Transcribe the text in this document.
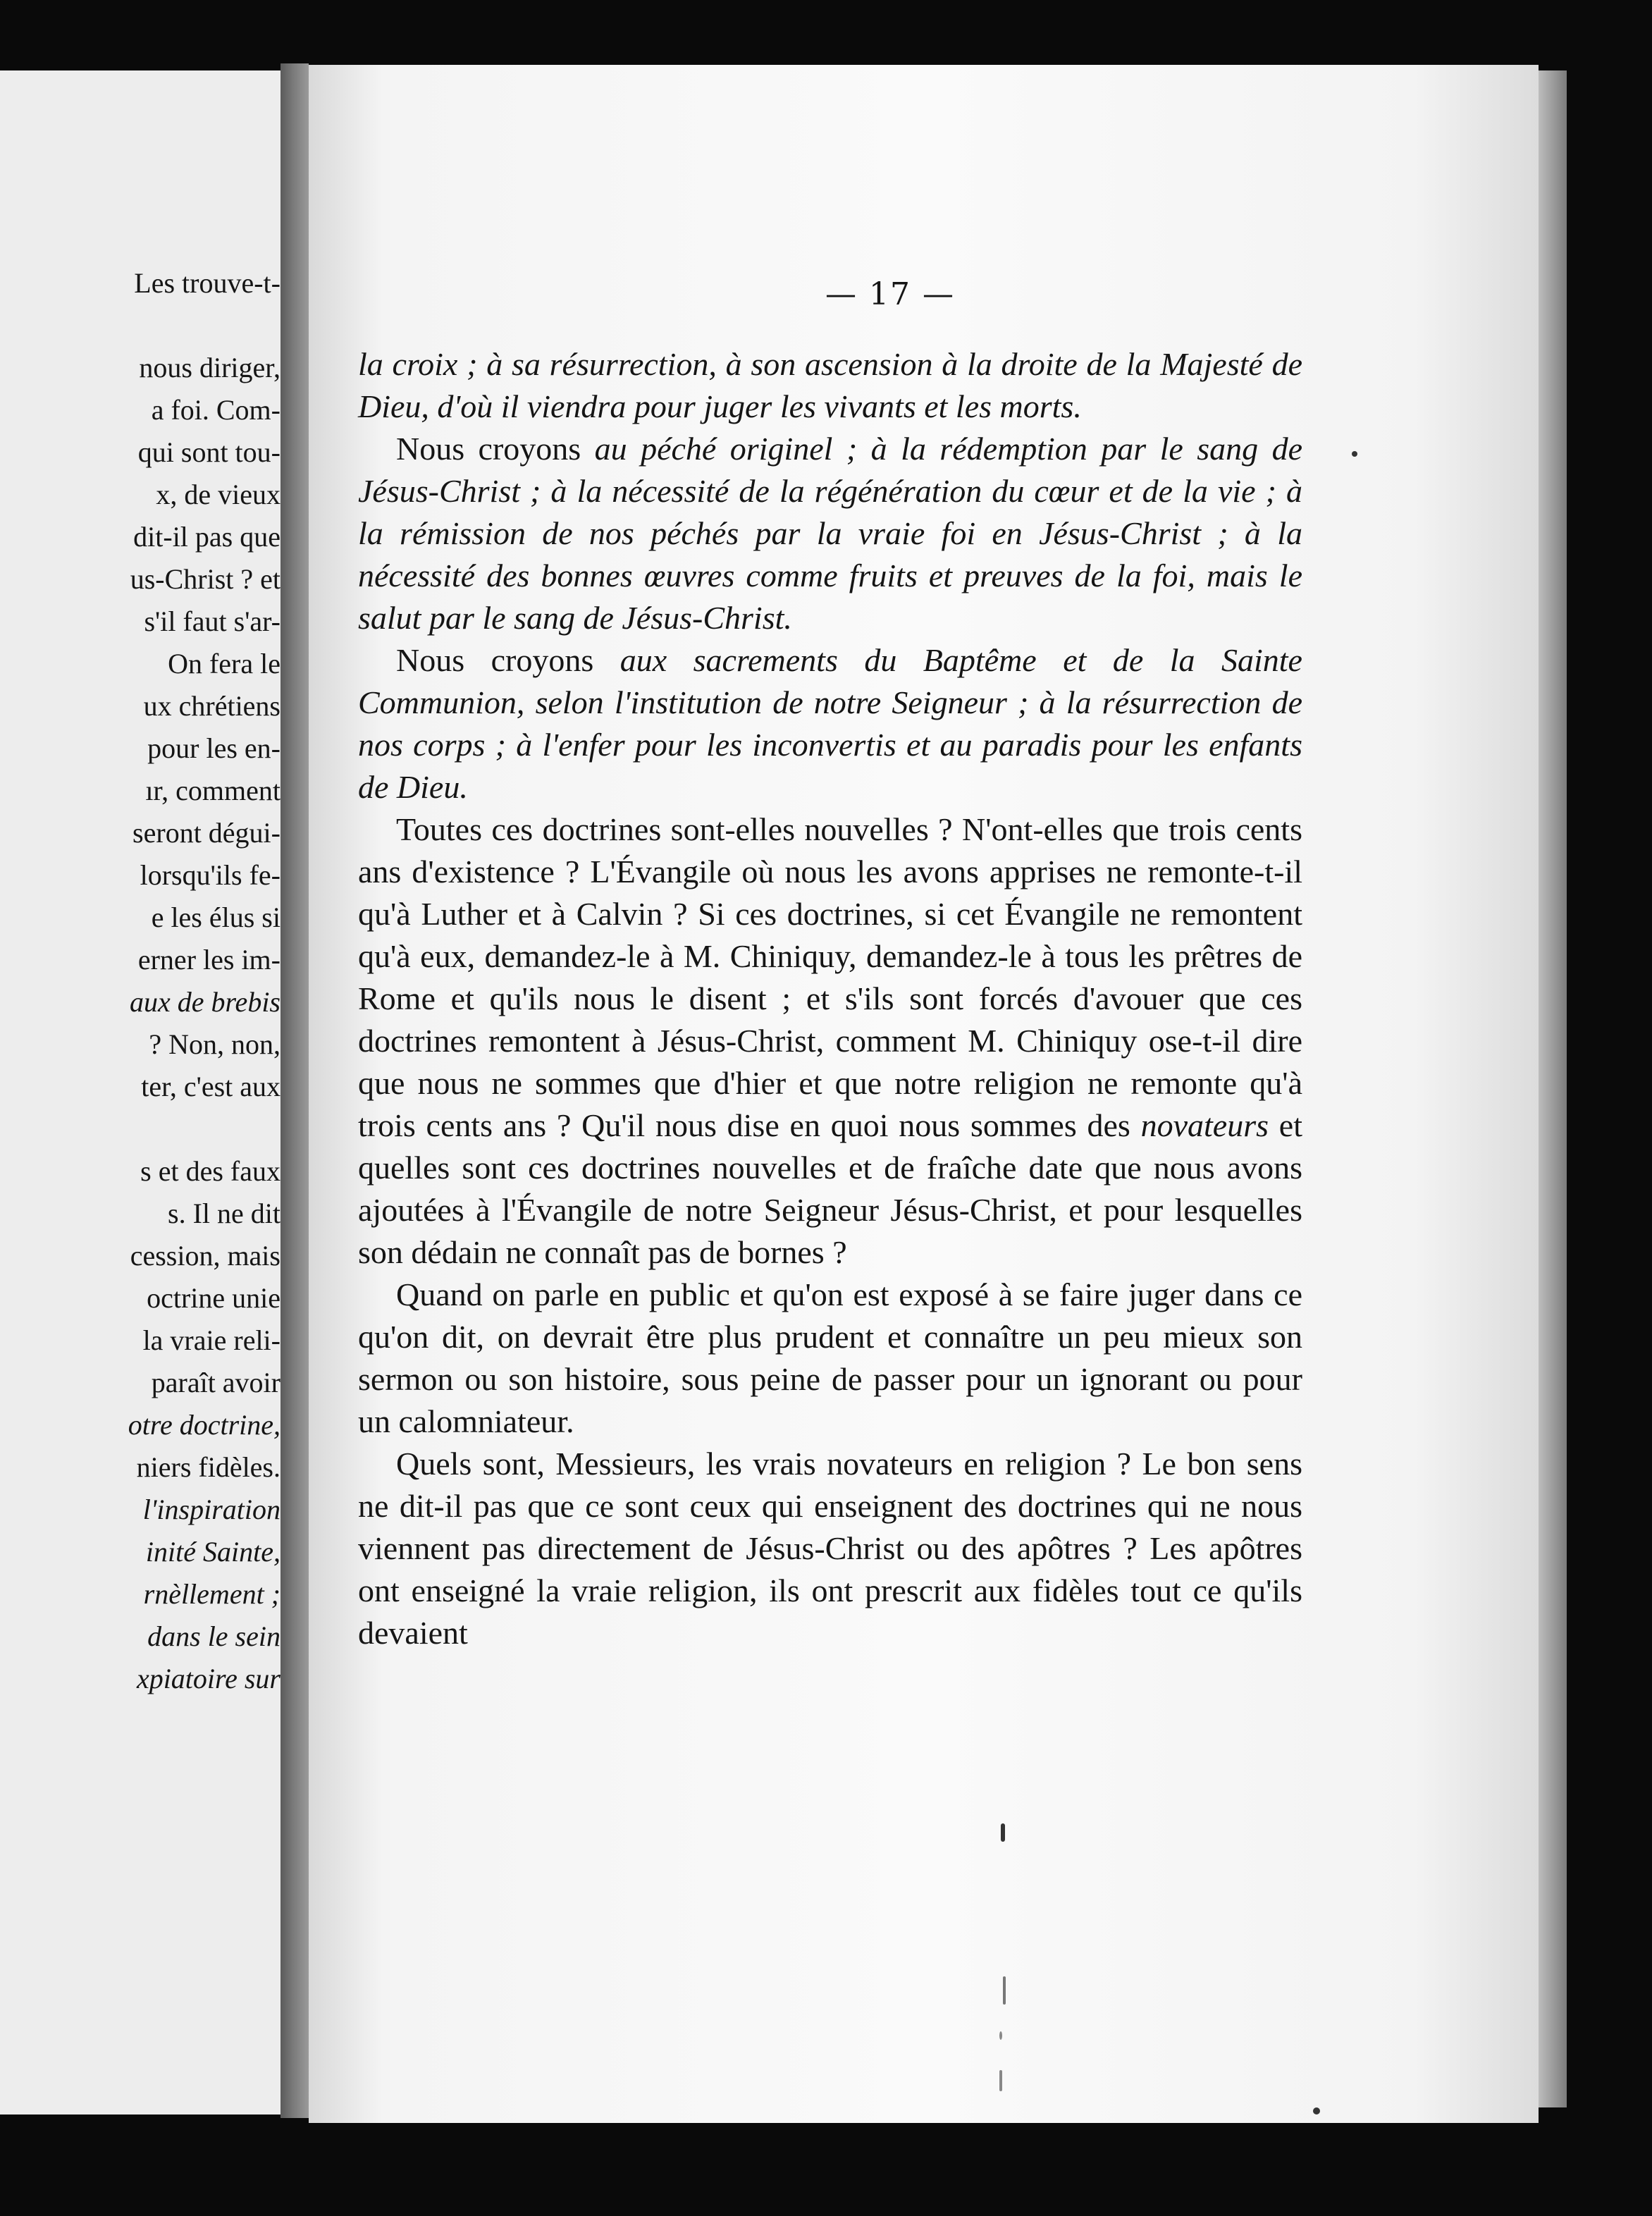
Les trouve-t-
nous diriger,
a foi. Com-
qui sont tou-
x, de vieux
dit-il pas que
us-Christ ? et
s'il faut s'ar-
On fera le
ux chrétiens
pour les en-
ır, comment
seront dégui-
lorsqu'ils fe-
e les élus si
erner les im-
aux de brebis
? Non, non,
ter, c'est aux
s et des faux
s. Il ne dit
cession, mais
octrine unie
la vraie reli-
paraît avoir
otre doctrine,
niers fidèles.
l'inspiration
inité Sainte,
rnèllement ;
dans le sein
xpiatoire sur
— 17 —

la croix ; à sa résurrection, à son ascension à la droite de la Majesté de Dieu, d'où il viendra pour juger les vivants et les morts.

Nous croyons au péché originel ; à la rédemption par le sang de Jésus-Christ ; à la nécessité de la régénération du cœur et de la vie ; à la rémission de nos péchés par la vraie foi en Jésus-Christ ; à la nécessité des bonnes œuvres comme fruits et preuves de la foi, mais le salut par le sang de Jésus-Christ.

Nous croyons aux sacrements du Baptême et de la Sainte Communion, selon l'institution de notre Seigneur ; à la résurrection de nos corps ; à l'enfer pour les inconvertis et au paradis pour les enfants de Dieu.

Toutes ces doctrines sont-elles nouvelles ? N'ont-elles que trois cents ans d'existence ? L'Évangile où nous les avons apprises ne remonte-t-il qu'à Luther et à Calvin ? Si ces doctrines, si cet Évangile ne remontent qu'à eux, demandez-le à M. Chiniquy, demandez-le à tous les prêtres de Rome et qu'ils nous le disent ; et s'ils sont forcés d'avouer que ces doctrines remontent à Jésus-Christ, comment M. Chiniquy ose-t-il dire que nous ne sommes que d'hier et que notre religion ne remonte qu'à trois cents ans ? Qu'il nous dise en quoi nous sommes des novateurs et quelles sont ces doctrines nouvelles et de fraîche date que nous avons ajoutées à l'Évangile de notre Seigneur Jésus-Christ, et pour lesquelles son dédain ne connaît pas de bornes ?

Quand on parle en public et qu'on est exposé à se faire juger dans ce qu'on dit, on devrait être plus prudent et connaître un peu mieux son sermon ou son histoire, sous peine de passer pour un ignorant ou pour un calomniateur.

Quels sont, Messieurs, les vrais novateurs en religion ? Le bon sens ne dit-il pas que ce sont ceux qui enseignent des doctrines qui ne nous viennent pas directement de Jésus-Christ ou des apôtres ? Les apôtres ont enseigné la vraie religion, ils ont prescrit aux fidèles tout ce qu'ils devaient
